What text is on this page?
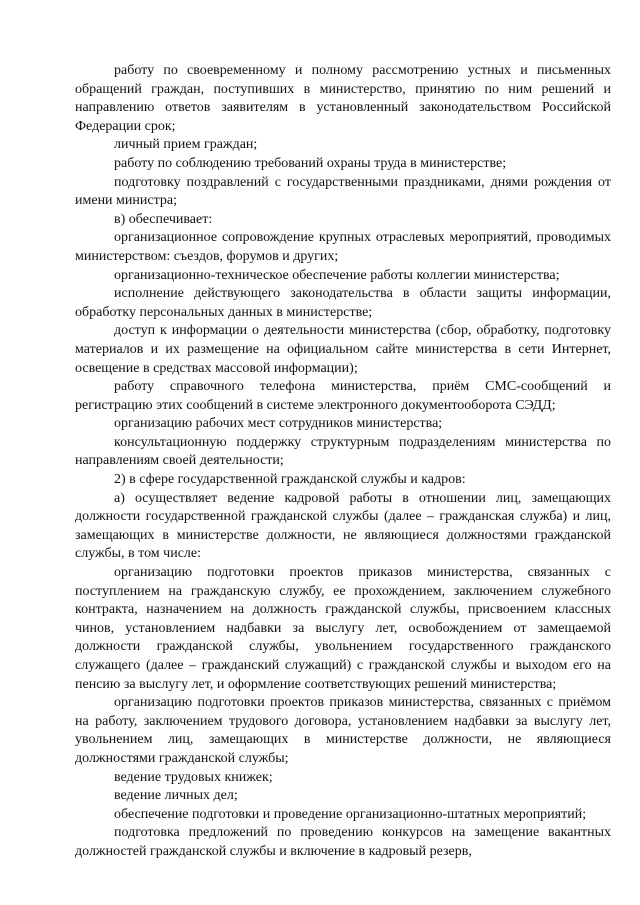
работу по своевременному и полному рассмотрению устных и письменных обращений граждан, поступивших в министерство, принятию по ним решений и направлению ответов заявителям в установленный законодательством Российской Федерации срок;

личный прием граждан;

работу по соблюдению требований охраны труда в министерстве;

подготовку поздравлений с государственными праздниками, днями рождения от имени министра;

в) обеспечивает:

организационное сопровождение крупных отраслевых мероприятий, проводимых министерством: съездов, форумов и других;

организационно-техническое обеспечение работы коллегии министерства;

исполнение действующего законодательства в области защиты информации, обработку персональных данных в министерстве;

доступ к информации о деятельности министерства (сбор, обработку, подготовку материалов и их размещение на официальном сайте министерства в сети Интернет, освещение в средствах массовой информации);

работу справочного телефона министерства, приём СМС-сообщений и регистрацию этих сообщений в системе электронного документооборота СЭДД;

организацию рабочих мест сотрудников министерства;

консультационную поддержку структурным подразделениям министерства по направлениям своей деятельности;

2) в сфере государственной гражданской службы и кадров:

а) осуществляет ведение кадровой работы в отношении лиц, замещающих должности государственной гражданской службы (далее – гражданская служба) и лиц, замещающих в министерстве должности, не являющиеся должностями гражданской службы, в том числе:

организацию подготовки проектов приказов министерства, связанных с поступлением на гражданскую службу, ее прохождением, заключением служебного контракта, назначением на должность гражданской службы, присвоением классных чинов, установлением надбавки за выслугу лет, освобождением от замещаемой должности гражданской службы, увольнением государственного гражданского служащего (далее – гражданский служащий) с гражданской службы и выходом его на пенсию за выслугу лет, и оформление соответствующих решений министерства;

организацию подготовки проектов приказов министерства, связанных с приёмом на работу, заключением трудового договора, установлением надбавки за выслугу лет, увольнением лиц, замещающих в министерстве должности, не являющиеся должностями гражданской службы;

ведение трудовых книжек;

ведение личных дел;

обеспечение подготовки и проведение организационно-штатных мероприятий;

подготовка предложений по проведению конкурсов на замещение вакантных должностей гражданской службы и включение в кадровый резерв,
